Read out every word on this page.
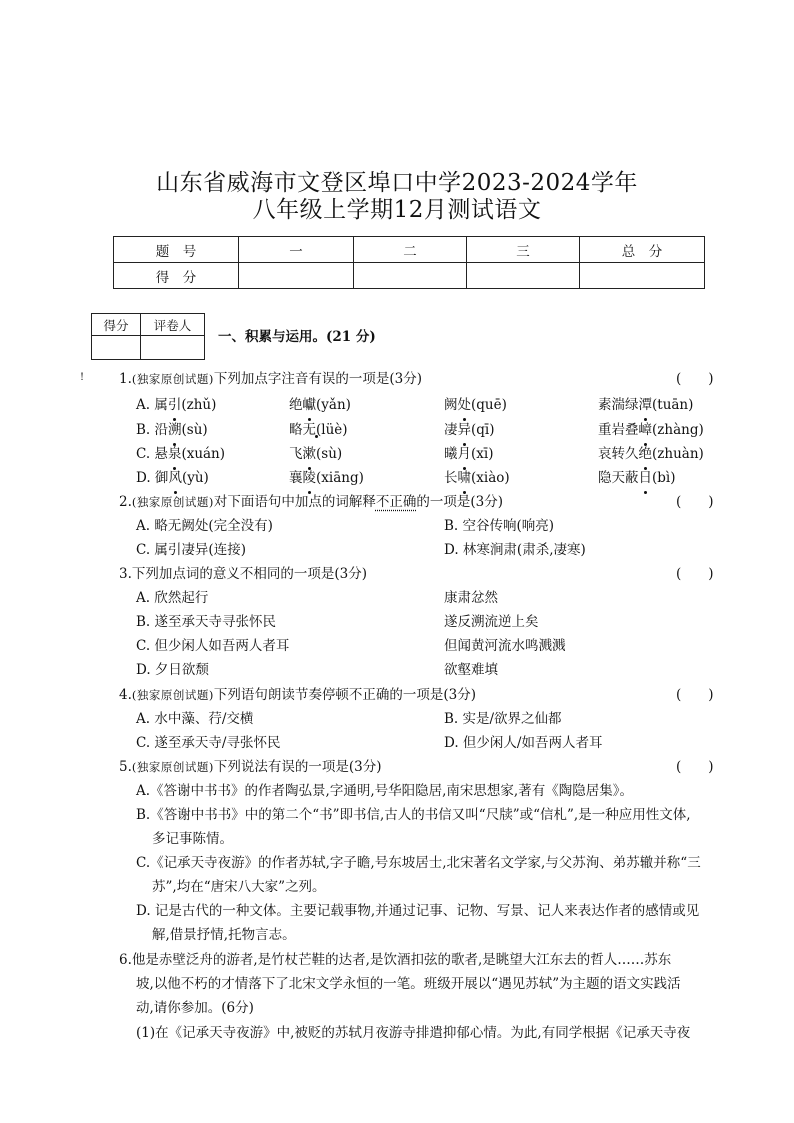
山东省威海市文登区埠口中学2023-2024学年
八年级上学期12月测试语文
题　号	一	二	三	总　分
得　分				
得分	评卷人

一、积累与运用。(21 分)
!	1.(独家原创试题)下列加点字注音有误的一项是(3分)	(　　)
A. 属引(zhǔ)	绝巘(yǎn)	阙处(quē)	素湍绿潭(tuān)
B. 沿溯(sù)	略无(lüè)	凄异(qī)	重岩叠嶂(zhàng)
C. 悬泉(xuán)	飞漱(sù)	曦月(xī)	哀转久绝(zhuàn)
D. 御风(yù)	襄陵(xiāng)	长啸(xiào)	隐天蔽日(bì)
2.(独家原创试题)对下面语句中加点的词解释不正确的一项是(3分)	(　　)
A. 略无阙处(完全没有)	B. 空谷传响(响亮)
C. 属引凄异(连接)	D. 林寒涧肃(肃杀,凄寒)
3.下列加点词的意义不相同的一项是(3分)	(　　)
A. 欣然起行	康肃忿然
B. 遂至承天寺寻张怀民	遂反溯流逆上矣
C. 但少闲人如吾两人者耳	但闻黄河流水鸣溅溅
D. 夕日欲颓	欲壑难填
4.(独家原创试题)下列语句朗读节奏停顿不正确的一项是(3分)	(　　)
A. 水中藻、荇/交横	B. 实是/欲界之仙都
C. 遂至承天寺/寻张怀民	D. 但少闲人/如吾两人者耳
5.(独家原创试题)下列说法有误的一项是(3分)	(　　)
A.《答谢中书书》的作者陶弘景,字通明,号华阳隐居,南宋思想家,著有《陶隐居集》。
B.《答谢中书书》中的第二个“书”即书信,古人的书信又叫“尺牍”或“信札”,是一种应用性文体,
多记事陈情。
C.《记承天寺夜游》的作者苏轼,字子瞻,号东坡居士,北宋著名文学家,与父苏洵、弟苏辙并称“三
苏”,均在“唐宋八大家”之列。
D. 记是古代的一种文体。主要记载事物,并通过记事、记物、写景、记人来表达作者的感情或见
解,借景抒情,托物言志。
6.他是赤壁泛舟的游者,是竹杖芒鞋的达者,是饮酒扣弦的歌者,是眺望大江东去的哲人……苏东
坡,以他不朽的才情落下了北宋文学永恒的一笔。班级开展以“遇见苏轼”为主题的语文实践活
动,请你参加。(6分)
(1)在《记承天寺夜游》中,被贬的苏轼月夜游寺排遣抑郁心情。为此,有同学根据《记承天寺夜
